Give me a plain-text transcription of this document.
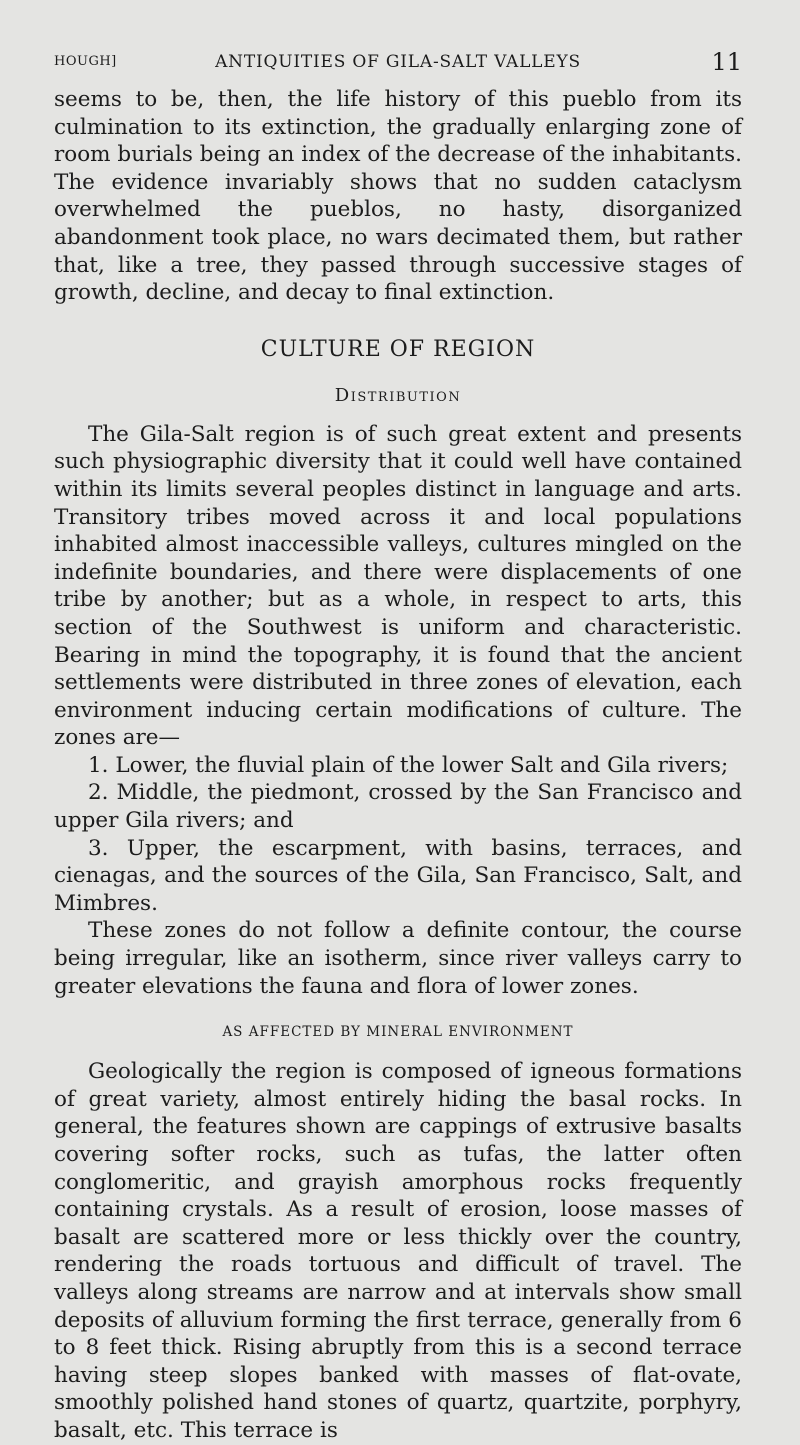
HOUGH]	ANTIQUITIES OF GILA-SALT VALLEYS	11

seems to be, then, the life history of this pueblo from its culmination to its extinction, the gradually enlarging zone of room burials being an index of the decrease of the inhabitants. The evidence invariably shows that no sudden cataclysm overwhelmed the pueblos, no hasty, disorganized abandonment took place, no wars decimated them, but rather that, like a tree, they passed through successive stages of growth, decline, and decay to final extinction.

CULTURE OF REGION
Distribution

The Gila-Salt region is of such great extent and presents such physiographic diversity that it could well have contained within its limits several peoples distinct in language and arts. Transitory tribes moved across it and local populations inhabited almost inaccessible valleys, cultures mingled on the indefinite boundaries, and there were displacements of one tribe by another; but as a whole, in respect to arts, this section of the Southwest is uniform and characteristic. Bearing in mind the topography, it is found that the ancient settlements were distributed in three zones of elevation, each environment inducing certain modifications of culture. The zones are—

1. Lower, the fluvial plain of the lower Salt and Gila rivers;

2. Middle, the piedmont, crossed by the San Francisco and upper Gila rivers; and

3. Upper, the escarpment, with basins, terraces, and cienagas, and the sources of the Gila, San Francisco, Salt, and Mimbres.

These zones do not follow a definite contour, the course being irregular, like an isotherm, since river valleys carry to greater elevations the fauna and flora of lower zones.

AS AFFECTED BY MINERAL ENVIRONMENT

Geologically the region is composed of igneous formations of great variety, almost entirely hiding the basal rocks. In general, the features shown are cappings of extrusive basalts covering softer rocks, such as tufas, the latter often conglomeritic, and grayish amorphous rocks frequently containing crystals. As a result of erosion, loose masses of basalt are scattered more or less thickly over the country, rendering the roads tortuous and difficult of travel. The valleys along streams are narrow and at intervals show small deposits of alluvium forming the first terrace, generally from 6 to 8 feet thick. Rising abruptly from this is a second terrace having steep slopes banked with masses of flat-ovate, smoothly polished hand stones of quartz, quartzite, porphyry, basalt, etc. This terrace is
